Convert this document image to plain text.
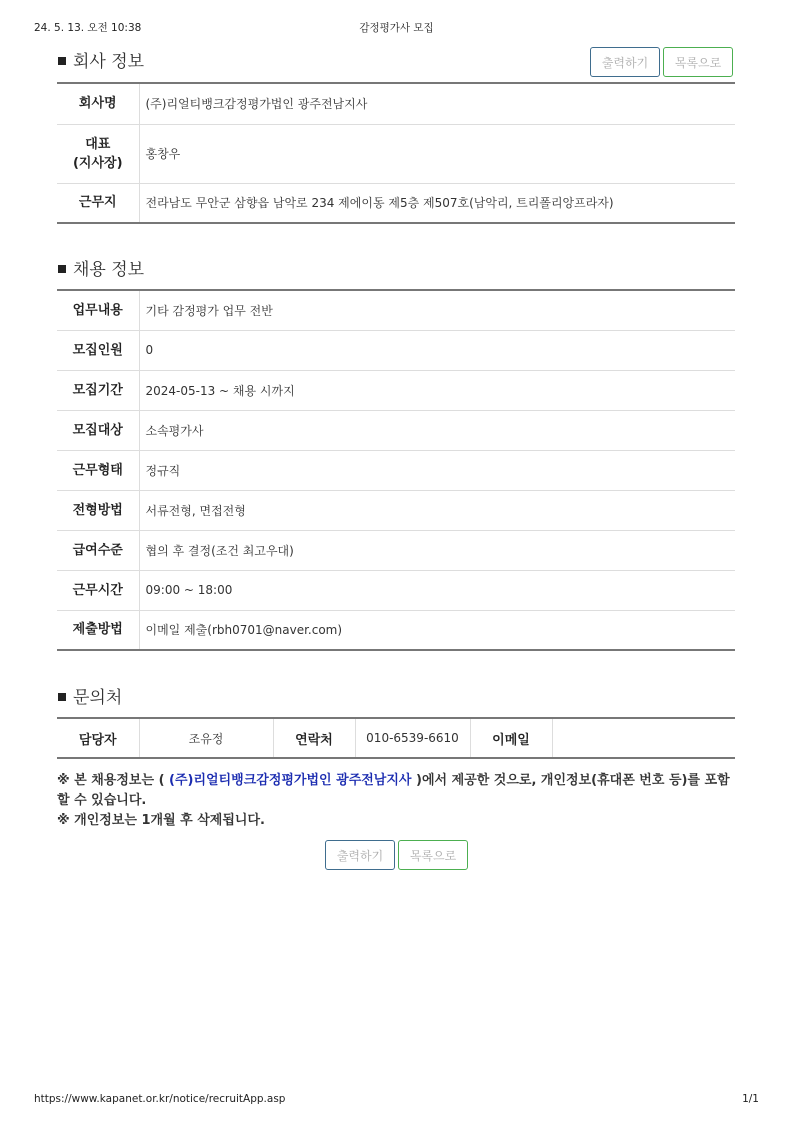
24. 5. 13. 오전 10:38	감정평가사 모집
회사 정보	출력하기	목록으로
회사명	(주)리얼티뱅크감정평가법인 광주전남지사

대표
(지사장)	홍창우
근무지	전라남도 무안군 삼향읍 남악로 234 제에이동 제5층 제507호(남악리, 트리폴리앙프라자)
채용 정보
업무내용	기타 감정평가 업무 전반
모집인원	0
모집기간	2024-05-13 ~ 채용 시까지
모집대상	소속평가사
근무형태	정규직
전형방법	서류전형, 면접전형
급여수준	협의 후 결정(조건 최고우대)
근무시간	09:00 ~ 18:00
제출방법	이메일 제출(rbh0701@naver.com)
문의처
담당자	조유정	연락처	010-6539-6610	이메일	
※ 본 채용정보는 ( (주)리얼티뱅크감정평가법인 광주전남지사 )에서 제공한 것으로, 개인정보(휴대폰 번호 등)를 포함할 수 있습니다.
※ 개인정보는 1개월 후 삭제됩니다.
출력하기	목록으로
https://www.kapanet.or.kr/notice/recruitApp.asp	1/1
